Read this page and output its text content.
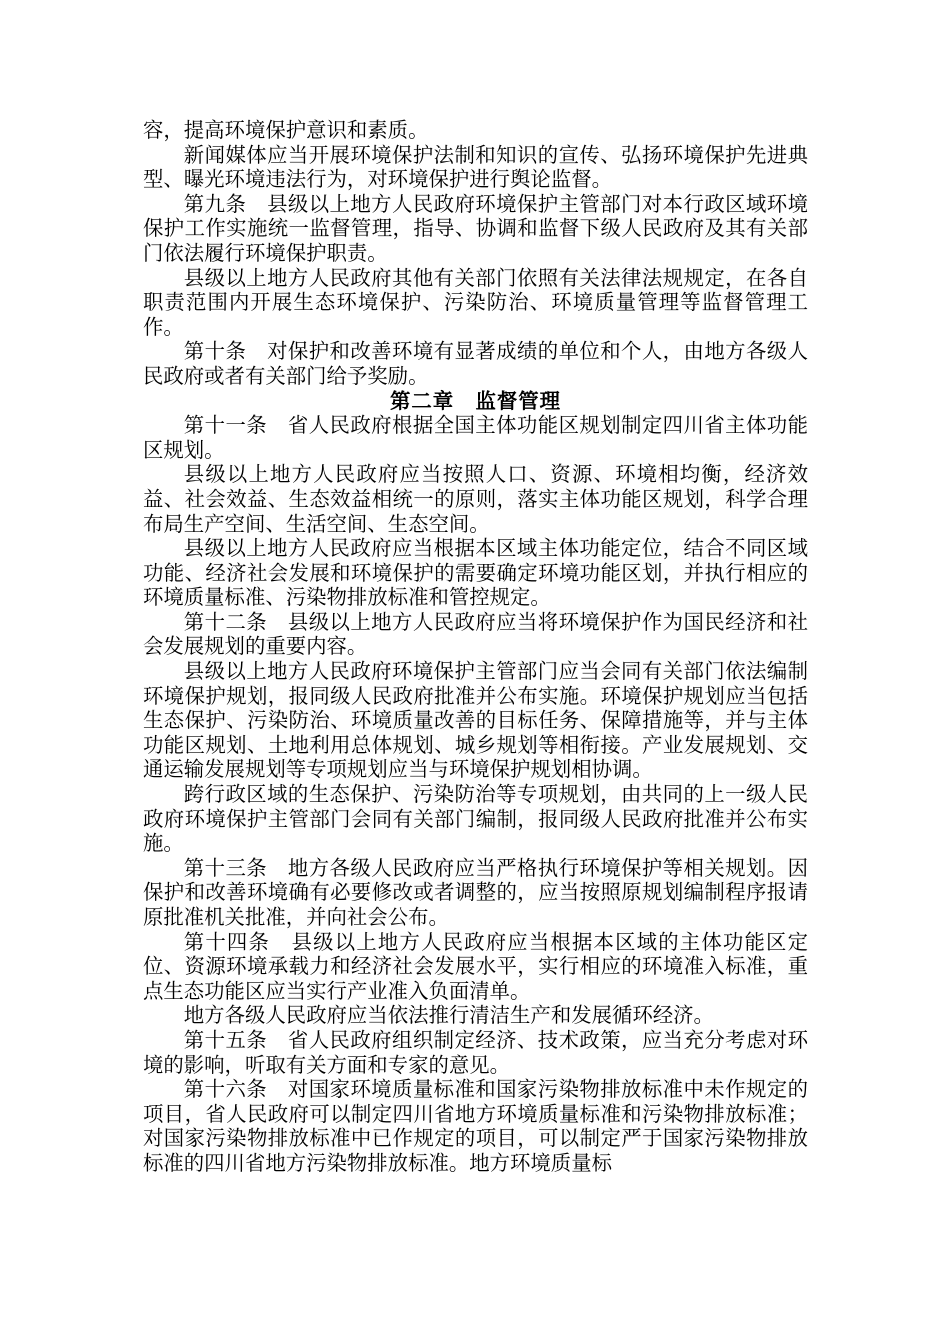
容，提高环境保护意识和素质。

新闻媒体应当开展环境保护法制和知识的宣传、弘扬环境保护先进典型、曝光环境违法行为，对环境保护进行舆论监督。

第九条　县级以上地方人民政府环境保护主管部门对本行政区域环境保护工作实施统一监督管理，指导、协调和监督下级人民政府及其有关部门依法履行环境保护职责。

县级以上地方人民政府其他有关部门依照有关法律法规规定，在各自职责范围内开展生态环境保护、污染防治、环境质量管理等监督管理工作。

第十条　对保护和改善环境有显著成绩的单位和个人，由地方各级人民政府或者有关部门给予奖励。

第二章　监督管理

第十一条　省人民政府根据全国主体功能区规划制定四川省主体功能区规划。

县级以上地方人民政府应当按照人口、资源、环境相均衡，经济效益、社会效益、生态效益相统一的原则，落实主体功能区规划，科学合理布局生产空间、生活空间、生态空间。

县级以上地方人民政府应当根据本区域主体功能定位，结合不同区域功能、经济社会发展和环境保护的需要确定环境功能区划，并执行相应的环境质量标准、污染物排放标准和管控规定。

第十二条　县级以上地方人民政府应当将环境保护作为国民经济和社会发展规划的重要内容。

县级以上地方人民政府环境保护主管部门应当会同有关部门依法编制环境保护规划，报同级人民政府批准并公布实施。环境保护规划应当包括生态保护、污染防治、环境质量改善的目标任务、保障措施等，并与主体功能区规划、土地利用总体规划、城乡规划等相衔接。产业发展规划、交通运输发展规划等专项规划应当与环境保护规划相协调。

跨行政区域的生态保护、污染防治等专项规划，由共同的上一级人民政府环境保护主管部门会同有关部门编制，报同级人民政府批准并公布实施。

第十三条　地方各级人民政府应当严格执行环境保护等相关规划。因保护和改善环境确有必要修改或者调整的，应当按照原规划编制程序报请原批准机关批准，并向社会公布。

第十四条　县级以上地方人民政府应当根据本区域的主体功能区定位、资源环境承载力和经济社会发展水平，实行相应的环境准入标准，重点生态功能区应当实行产业准入负面清单。

地方各级人民政府应当依法推行清洁生产和发展循环经济。

第十五条　省人民政府组织制定经济、技术政策，应当充分考虑对环境的影响，听取有关方面和专家的意见。

第十六条　对国家环境质量标准和国家污染物排放标准中未作规定的项目，省人民政府可以制定四川省地方环境质量标准和污染物排放标准；对国家污染物排放标准中已作规定的项目，可以制定严于国家污染物排放标准的四川省地方污染物排放标准。地方环境质量标
